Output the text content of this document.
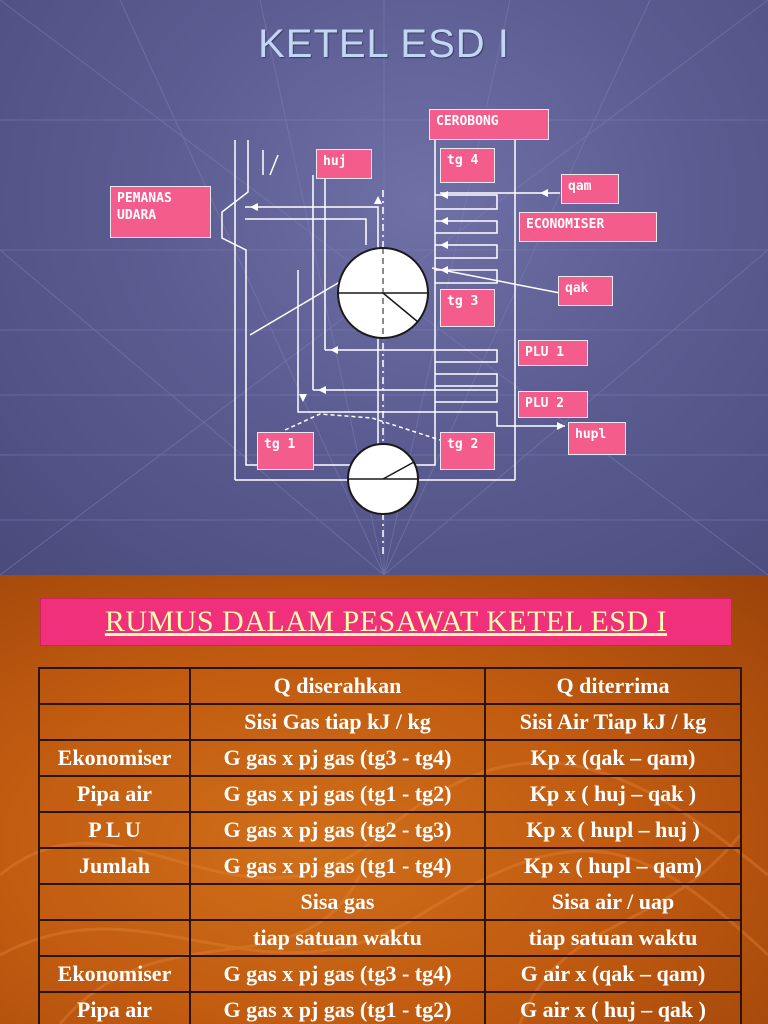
KETEL ESD I
CEROBONG
huj	tg 4
qam
PEMANAS
UDARA
ECONOMISER
qak
tg 3
PLU 1
PLU 2
hupl
tg 1	tg 2
RUMUS DALAM PESAWAT KETEL ESD I
	Q diserahkan	Q diterrima
	Sisi Gas tiap kJ / kg	Sisi Air Tiap kJ / kg
Ekonomiser	G gas x pj gas (tg3 - tg4)	Kp x (qak – qam)
Pipa air	G gas x pj gas (tg1 - tg2)	Kp x ( huj – qak )
P L U	G gas x pj gas (tg2 - tg3)	Kp x ( hupl – huj )
Jumlah	G gas x pj gas (tg1 - tg4)	Kp x ( hupl – qam)
	Sisa gas	Sisa air / uap
	tiap satuan waktu	tiap satuan waktu
Ekonomiser	G gas x pj gas (tg3 - tg4)	G air x (qak – qam)
Pipa air	G gas x pj gas (tg1 - tg2)	G air x ( huj – qak )
